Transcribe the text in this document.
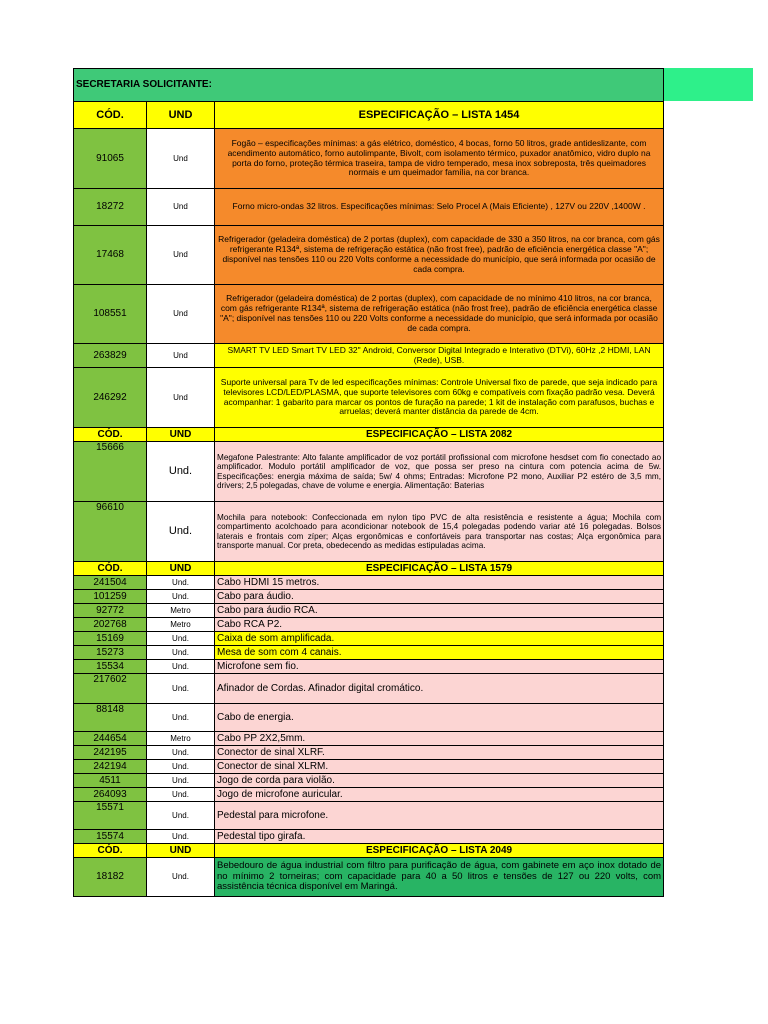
SECRETARIA SOLICITANTE:		
CÓD.	UND	ESPECIFICAÇÃO – LISTA 1454
91065	Und	Fogão – especificações mínimas: a gás elétrico, doméstico, 4 bocas, forno 50 litros, grade antideslizante, com acendimento automático, forno autolimpante, Bivolt, com isolamento térmico, puxador anatômico, vidro duplo na porta do forno, proteção térmica traseira, tampa de vidro temperado, mesa inox sobreposta, três queimadores normais e um queimador família, na cor branca.
18272	Und	Forno micro-ondas 32 litros. Especificações mínimas: Selo Procel A (Mais Eficiente) , 127V ou 220V ,1400W .
17468	Und	Refrigerador (geladeira doméstica) de 2 portas (duplex), com capacidade de 330 a 350 litros, na cor branca, com gás refrigerante R134ª, sistema de refrigeração estática (não frost free), padrão de eficiência energética classe "A"; disponível nas tensões 110 ou 220 Volts conforme a necessidade do município, que será informada por ocasião de cada compra.
108551	Und	Refrigerador (geladeira doméstica) de 2 portas (duplex), com capacidade de no mínimo 410 litros, na cor branca, com gás refrigerante R134ª, sistema de refrigeração estática (não frost free), padrão de eficiência energética classe "A"; disponível nas tensões 110 ou 220 Volts conforme a necessidade do município, que será informada por ocasião de cada compra.
263829	Und	SMART TV LED Smart TV LED 32" Android, Conversor Digital Integrado e Interativo (DTVi), 60Hz ,2 HDMI, LAN (Rede), USB.
246292	Und	Suporte universal para Tv de led especificações mínimas: Controle Universal fixo de parede, que seja indicado para televisores LCD/LED/PLASMA, que suporte televisores com 60kg e compatíveis com fixação padrão vesa. Deverá acompanhar: 1 gabarito para marcar os pontos de furação na parede; 1 kit de instalação com parafusos, buchas e arruelas; deverá manter distância da parede de 4cm.
CÓD.	UND	ESPECIFICAÇÃO – LISTA 2082
15666	Und.	Megafone Palestrante: Alto falante amplificador de voz portátil profissional com microfone hesdset com fio conectado ao amplificador. Modulo portátil amplificador de voz, que possa ser preso na cintura com potencia acima de 5w. Especificações: energia máxima de saída; 5w/ 4 ohms; Entradas: Microfone P2 mono, Auxiliar P2 estéro de 3,5 mm, drivers; 2,5 polegadas, chave de volume e energia. Alimentação: Baterias
96610	Und.	Mochila para notebook: Confeccionada em nylon tipo PVC de alta resistência e resistente a água; Mochila com compartimento acolchoado para acondicionar notebook de 15,4 polegadas podendo variar até 16 polegadas. Bolsos laterais e frontais com zíper; Alças ergonômicas e confortáveis para transportar nas costas; Alça ergonômica para transporte manual. Cor preta, obedecendo as medidas estipuladas acima.
CÓD.	UND	ESPECIFICAÇÃO – LISTA 1579
241504	Und.	Cabo HDMI 15 metros.
101259	Und.	Cabo para áudio.
92772	Metro	Cabo para áudio RCA.
202768	Metro	Cabo RCA P2.
15169	Und.	Caixa de som amplificada.
15273	Und.	Mesa de som com 4 canais.
15534	Und.	Microfone sem fio.
217602	Und.	Afinador de Cordas. Afinador digital cromático.
88148	Und.	Cabo de energia.
244654	Metro	Cabo PP 2X2,5mm.
242195	Und.	Conector de sinal XLRF.
242194	Und.	Conector de sinal XLRM.
4511	Und.	Jogo de corda para violão.
264093	Und.	Jogo de microfone auricular.
15571	Und.	Pedestal para microfone.
15574	Und.	Pedestal tipo girafa.
CÓD.	UND	ESPECIFICAÇÃO – LISTA 2049
18182	Und.	Bebedouro de água industrial com filtro para purificação de água, com gabinete em aço inox dotado de no mínimo 2 torneiras; com capacidade para 40 a 50 litros e tensões de 127 ou 220 volts, com assistência técnica disponível em Maringá.
